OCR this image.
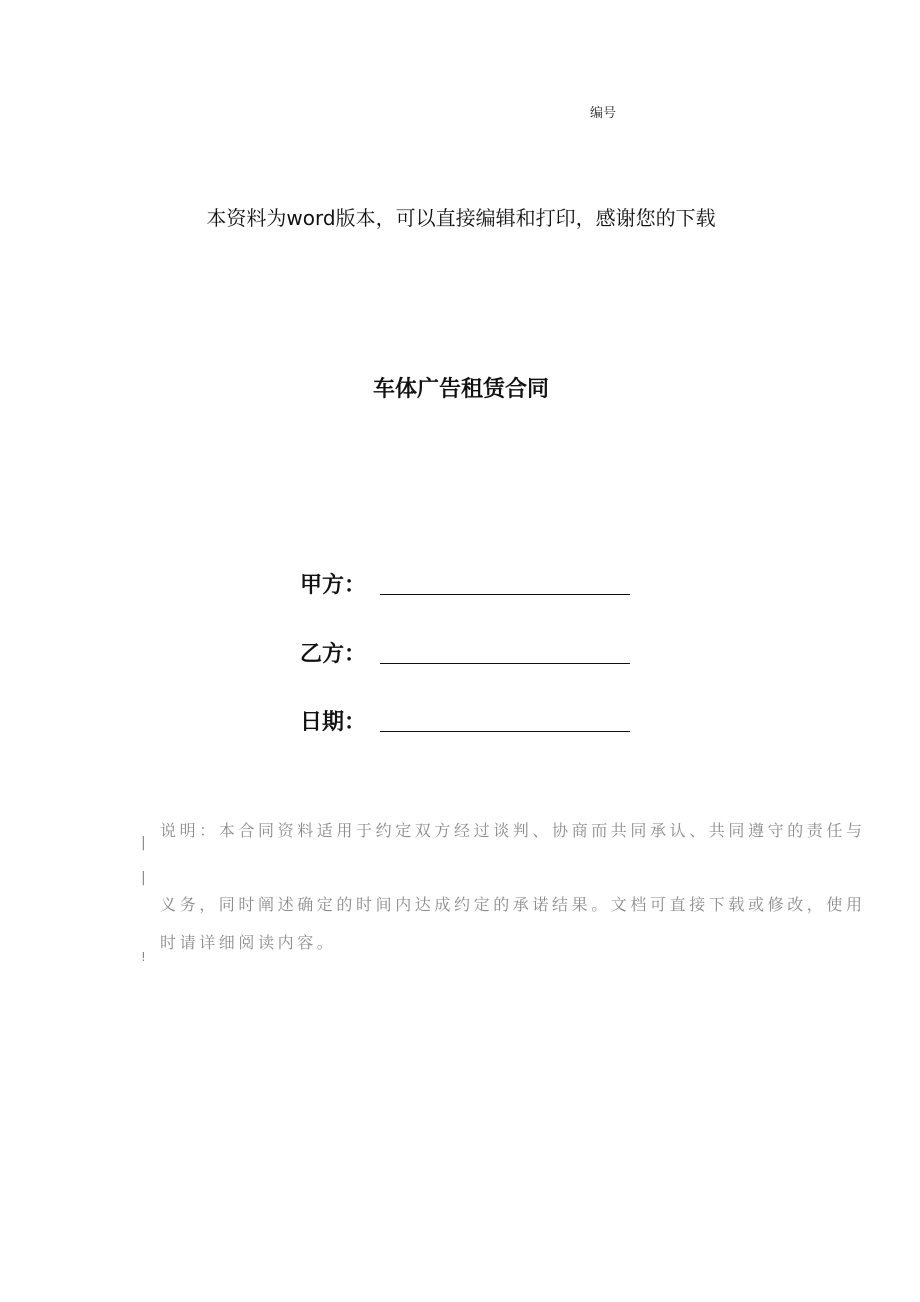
编号
本资料为word版本，可以直接编辑和打印，感谢您的下载
车体广告租赁合同
甲方：
乙方：
日期：
说明：本合同资料适用于约定双方经过谈判、协商而共同承认、共同遵守的责任与
义务，同时阐述确定的时间内达成约定的承诺结果。文档可直接下载或修改，使用
时请详细阅读内容。
|
|
!
